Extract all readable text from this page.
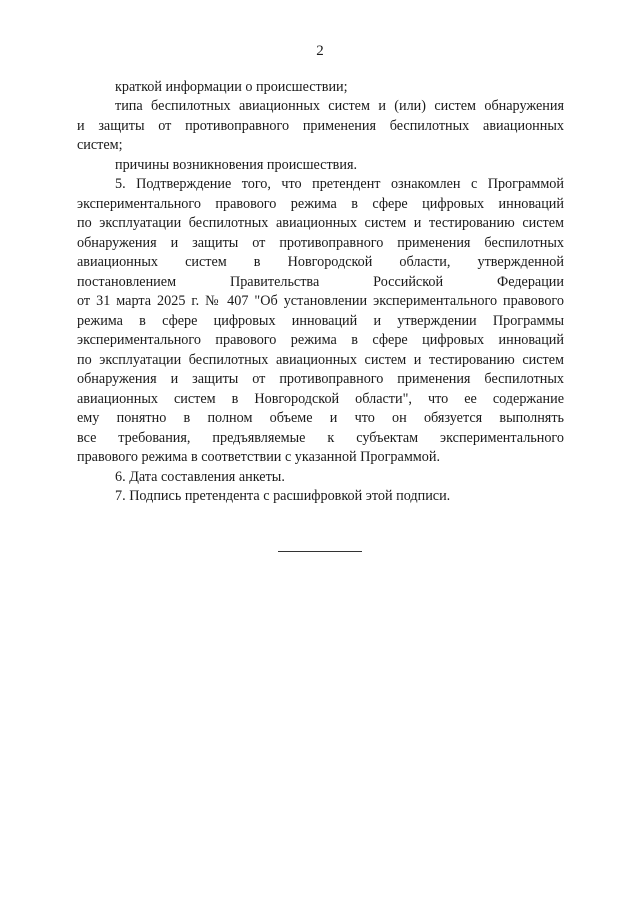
2
краткой информации о происшествии;
типа беспилотных авиационных систем и (или) систем обнаружения
и защиты от противоправного применения беспилотных авиационных
систем;
причины возникновения происшествия.
5. Подтверждение того, что претендент ознакомлен с Программой
экспериментального правового режима в сфере цифровых инноваций
по эксплуатации беспилотных авиационных систем и тестированию систем
обнаружения и защиты от противоправного применения беспилотных
авиационных систем в Новгородской области, утвержденной
постановлением Правительства Российской Федерации
от 31 марта 2025 г. № 407 "Об установлении экспериментального правового
режима в сфере цифровых инноваций и утверждении Программы
экспериментального правового режима в сфере цифровых инноваций
по эксплуатации беспилотных авиационных систем и тестированию систем
обнаружения и защиты от противоправного применения беспилотных
авиационных систем в Новгородской области", что ее содержание
ему понятно в полном объеме и что он обязуется выполнять
все требования, предъявляемые к субъектам экспериментального
правового режима в соответствии с указанной Программой.
6. Дата составления анкеты.
7. Подпись претендента с расшифровкой этой подписи.
